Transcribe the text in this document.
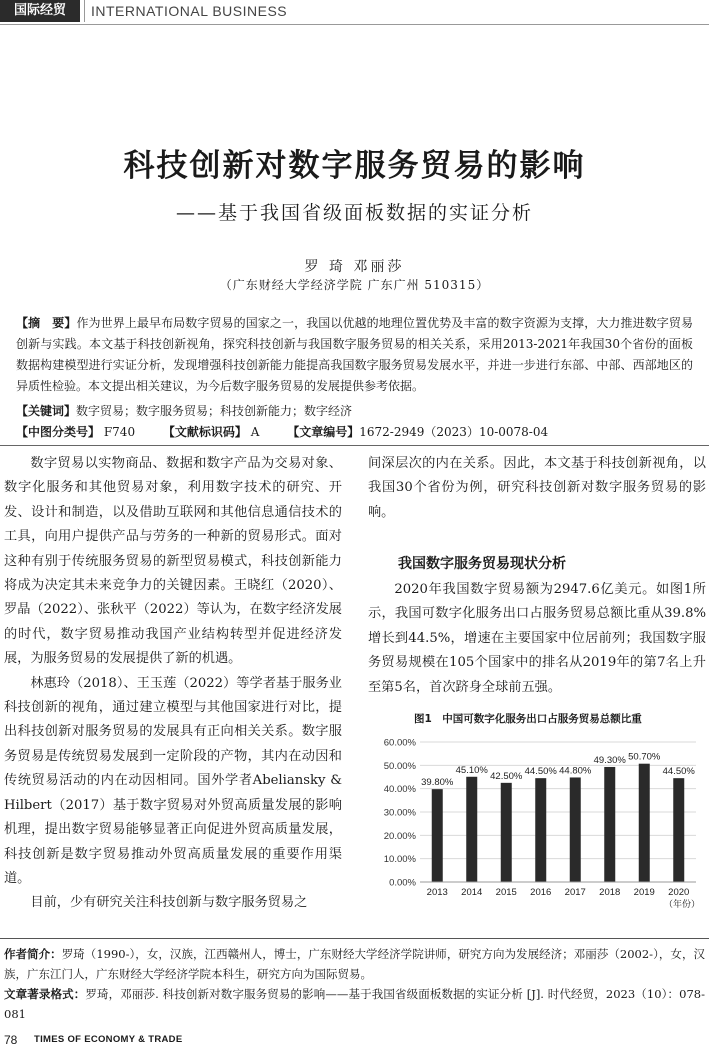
国际经贸	INTERNATIONAL BUSINESS
科技创新对数字服务贸易的影响
——基于我国省级面板数据的实证分析
罗 琦 邓丽莎
（广东财经大学经济学院 广东广州 510315）
【摘　要】作为世界上最早布局数字贸易的国家之一，我国以优越的地理位置优势及丰富的数字资源为支撑，大力推进数字贸易创新与实践。本文基于科技创新视角，探究科技创新与我国数字服务贸易的相关关系，采用2013-2021年我国30个省份的面板数据构建模型进行实证分析，发现增强科技创新能力能提高我国数字服务贸易发展水平，并进一步进行东部、中部、西部地区的异质性检验。本文提出相关建议，为今后数字服务贸易的发展提供参考依据。
【关键词】数字贸易；数字服务贸易；科技创新能力；数字经济
【中图分类号】 F740 【文献标识码】 A 【文章编号】1672-2949（2023）10-0078-04

数字贸易以实物商品、数据和数字产品为交易对象、数字化服务和其他贸易对象，利用数字技术的研究、开发、设计和制造，以及借助互联网和其他信息通信技术的工具，向用户提供产品与劳务的一种新的贸易形式。面对这种有别于传统服务贸易的新型贸易模式，科技创新能力将成为决定其未来竞争力的关键因素。王晓红（2020）、罗晶（2022）、张秋平（2022）等认为，在数字经济发展的时代，数字贸易推动我国产业结构转型并促进经济发展，为服务贸易的发展提供了新的机遇。

林惠玲（2018）、王玉莲（2022）等学者基于服务业科技创新的视角，通过建立模型与其他国家进行对比，提出科技创新对服务贸易的发展具有正向相关关系。数字服务贸易是传统贸易发展到一定阶段的产物，其内在动因和传统贸易活动的内在动因相同。国外学者Abeliansky & Hilbert（2017）基于数字贸易对外贸高质量发展的影响机理，提出数字贸易能够显著正向促进外贸高质量发展，科技创新是数字贸易推动外贸高质量发展的重要作用渠道。

目前，少有研究关注科技创新与数字服务贸易之

间深层次的内在关系。因此，本文基于科技创新视角，以我国30个省份为例，研究科技创新对数字服务贸易的影响。

我国数字服务贸易现状分析

2020年我国数字贸易额为2947.6亿美元。如图1所示，我国可数字化服务出口占服务贸易总额比重从39.8%增长到44.5%，增速在主要国家中位居前列；我国数字服务贸易规模在105个国家中的排名从2019年的第7名上升至第5名，首次跻身全球前五强。

图1　中国可数字化服务出口占服务贸易总额比重
0.00%
10.00%
20.00%
30.00%
40.00%
50.00%
60.00%
39.80%
2013
45.10%
2014
42.50%
2015
44.50%
2016
44.80%
2017
49.30%
2018
50.70%
2019
44.50%
2020
（年份）
作者简介：罗琦（1990-），女，汉族，江西赣州人，博士，广东财经大学经济学院讲师，研究方向为发展经济；邓丽莎（2002-），女，汉族，广东江门人，广东财经大学经济学院本科生，研究方向为国际贸易。
文章著录格式：罗琦，邓丽莎. 科技创新对数字服务贸易的影响——基于我国省级面板数据的实证分析 [J]. 时代经贸，2023（10）：078-081
78 TIMES OF ECONOMY & TRADE
